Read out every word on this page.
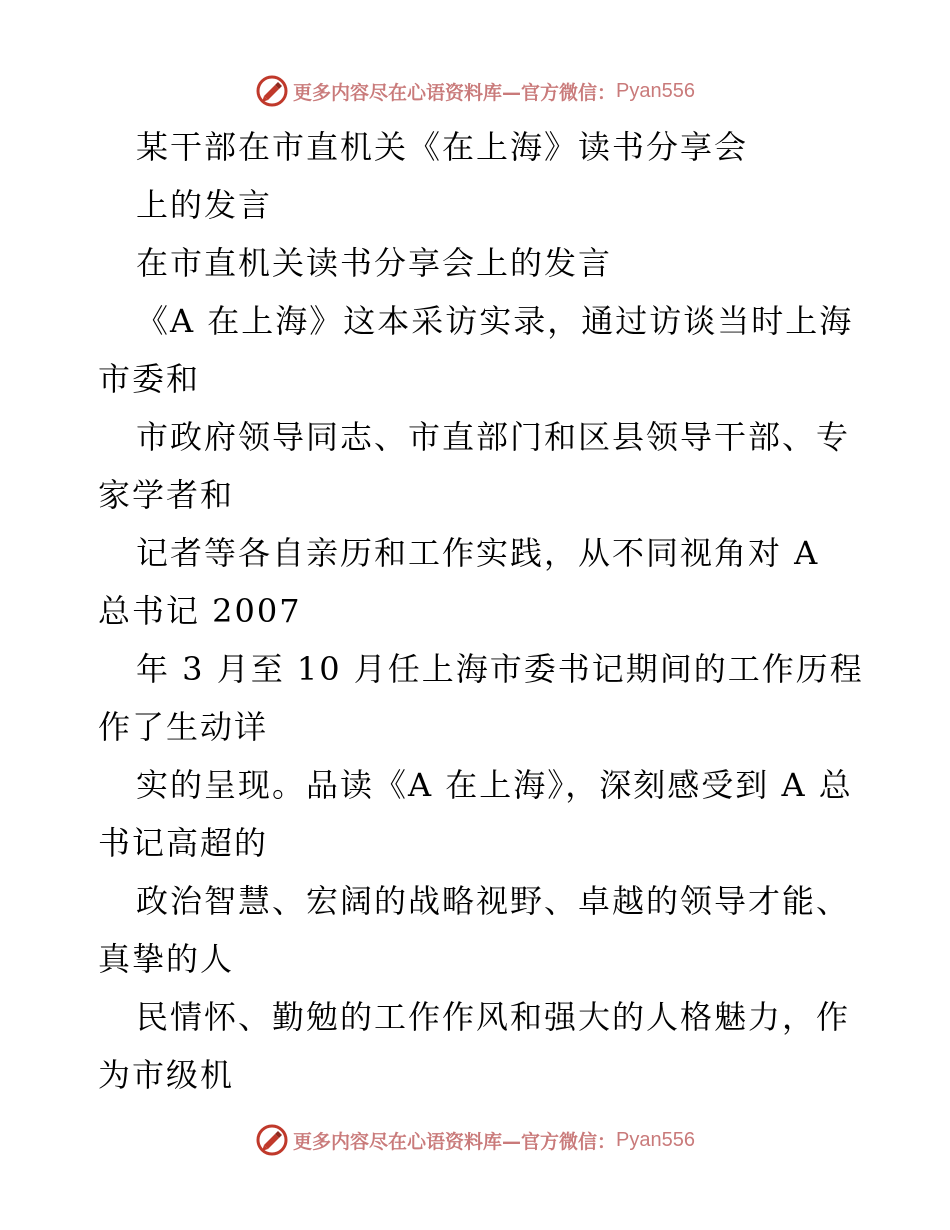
更多内容尽在心语资料库—官方微信： Pyan556
某干部在市直机关《在上海》读书分享会
上的发言
在市直机关读书分享会上的发言
《A 在上海》这本采访实录，通过访谈当时上海
市委和
市政府领导同志、市直部门和区县领导干部、专
家学者和
记者等各自亲历和工作实践，从不同视角对 A
总书记 2007
年 3 月至 10 月任上海市委书记期间的工作历程
作了生动详
实的呈现。品读《A 在上海》，深刻感受到 A 总
书记高超的
政治智慧、宏阔的战略视野、卓越的领导才能、
真挚的人
民情怀、勤勉的工作作风和强大的人格魅力，作
为市级机
更多内容尽在心语资料库—官方微信： Pyan556
